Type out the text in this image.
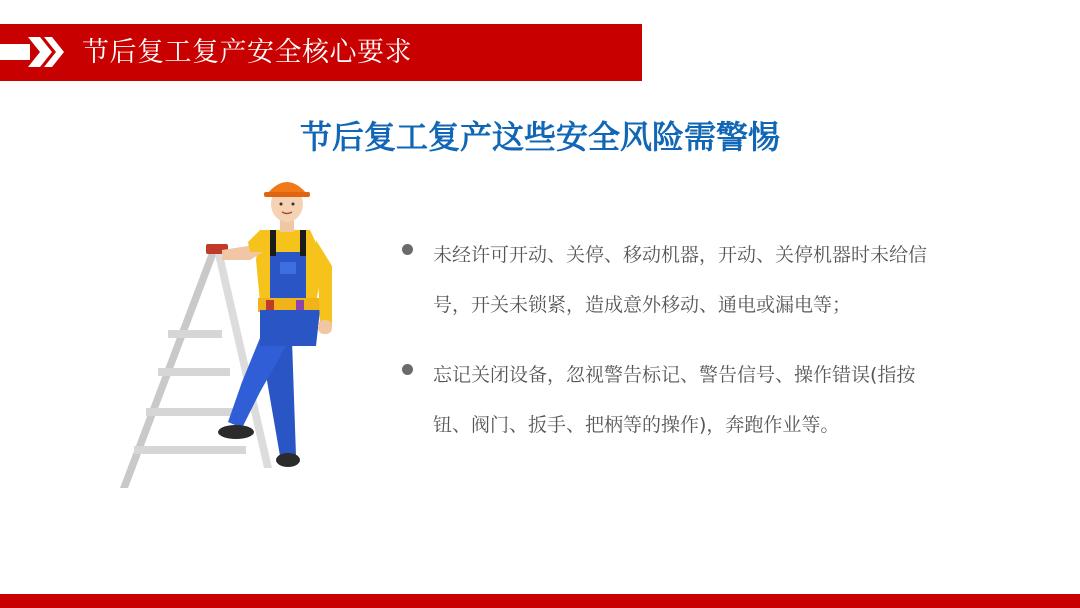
节后复工复产安全核心要求
节后复工复产这些安全风险需警惕
未经许可开动、关停、移动机器，开动、关停机器时未给信号，开关未锁紧，造成意外移动、通电或漏电等；
忘记关闭设备，忽视警告标记、警告信号、操作错误(指按钮、阀门、扳手、把柄等的操作)，奔跑作业等。
